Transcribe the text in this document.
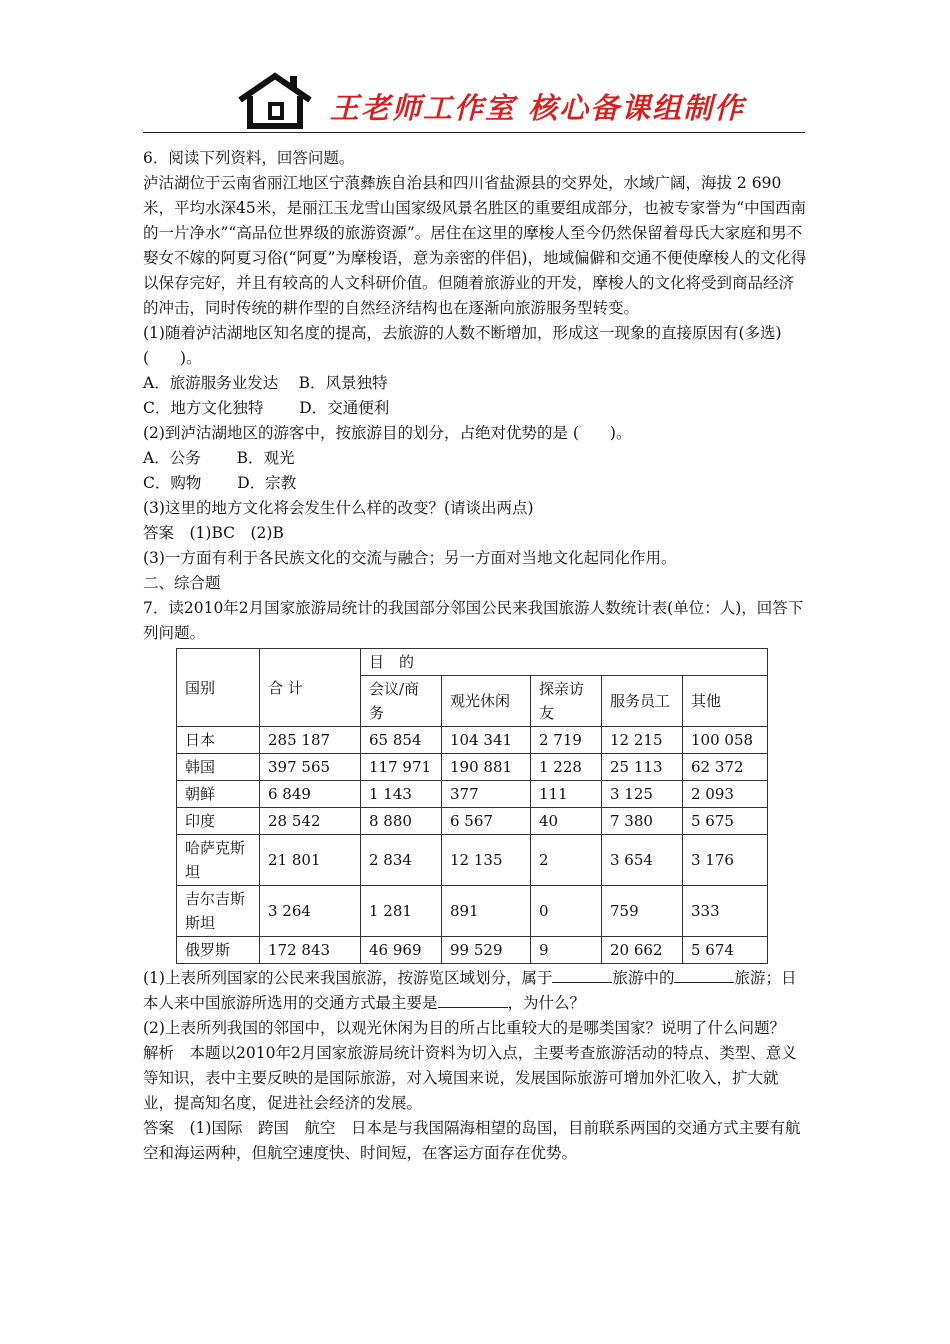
王老师工作室 核心备课组制作

6．阅读下列资料，回答问题。

泸沽湖位于云南省丽江地区宁蒗彝族自治县和四川省盐源县的交界处，水域广阔，海拔 2 690米，平均水深45米，是丽江玉龙雪山国家级风景名胜区的重要组成部分，也被专家誉为“中国西南的一片净水”“高品位世界级的旅游资源”。居住在这里的摩梭人至今仍然保留着母氏大家庭和男不娶女不嫁的阿夏习俗(“阿夏”为摩梭语，意为亲密的伴侣)，地域偏僻和交通不便使摩梭人的文化得以保存完好，并且有较高的人文科研价值。但随着旅游业的开发，摩梭人的文化将受到商品经济的冲击，同时传统的耕作型的自然经济结构也在逐渐向旅游服务型转变。

(1)随着泸沽湖地区知名度的提高，去旅游的人数不断增加，形成这一现象的直接原因有(多选)　　(　　)。

A．旅游服务业发达　 B．风景独特

C．地方文化独特　　 D．交通便利

(2)到泸沽湖地区的游客中，按旅游目的划分，占绝对优势的是 (　　)。

A．公务　　 B．观光

C．购物　　 D．宗教

(3)这里的地方文化将会发生什么样的改变？(请谈出两点)

答案　(1)BC　(2)B

(3)一方面有利于各民族文化的交流与融合；另一方面对当地文化起同化作用。

二、综合题

7．读2010年2月国家旅游局统计的我国部分邻国公民来我国旅游人数统计表(单位：人)，回答下列问题。

国别	合 计	目　的				
		会议/商务	观光休闲	探亲访友	服务员工	其他
日本	285 187	65 854	104 341	2 719	12 215	100 058
韩国	397 565	117 971	190 881	1 228	25 113	62 372
朝鲜	6 849	1 143	377	111	3 125	2 093
印度	28 542	8 880	6 567	40	7 380	5 675
哈萨克斯坦	21 801	2 834	12 135	2	3 654	3 176
吉尔吉斯斯坦	3 264	1 281	891	0	759	333
俄罗斯	172 843	46 969	99 529	9	20 662	5 674

(1)上表所列国家的公民来我国旅游，按游览区域划分，属于	旅游中的	旅游；日本人来中国旅游所选用的交通方式最主要是	，为什么？

(2)上表所列我国的邻国中，以观光休闲为目的所占比重较大的是哪类国家？说明了什么问题？

解析　本题以2010年2月国家旅游局统计资料为切入点，主要考查旅游活动的特点、类型、意义等知识，表中主要反映的是国际旅游，对入境国来说，发展国际旅游可增加外汇收入，扩大就业，提高知名度，促进社会经济的发展。

答案　(1)国际　跨国　航空　日本是与我国隔海相望的岛国，目前联系两国的交通方式主要有航空和海运两种，但航空速度快、时间短，在客运方面存在优势。
